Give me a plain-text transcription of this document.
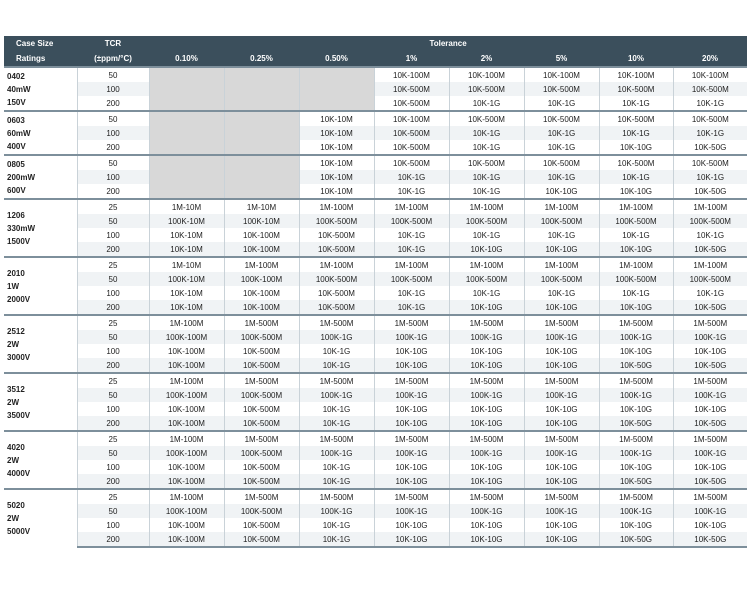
Case Size	TCR	Tolerance							
Ratings	(±ppm/°C)	0.10%	0.25%	0.50%	1%	2%	5%	10%	20%
0402
40mW
150V	50				10K-100M	10K-100M	10K-100M	10K-100M	10K-100M
	100				10K-500M	10K-500M	10K-500M	10K-500M	10K-500M
	200				10K-500M	10K-1G	10K-1G	10K-1G	10K-1G
0603
60mW
400V	50			10K-10M	10K-100M	10K-500M	10K-500M	10K-500M	10K-500M
	100			10K-10M	10K-500M	10K-1G	10K-1G	10K-1G	10K-1G
	200			10K-10M	10K-500M	10K-1G	10K-1G	10K-10G	10K-50G
0805
200mW
600V	50			10K-10M	10K-500M	10K-500M	10K-500M	10K-500M	10K-500M
	100			10K-10M	10K-1G	10K-1G	10K-1G	10K-1G	10K-1G
	200			10K-10M	10K-1G	10K-1G	10K-10G	10K-10G	10K-50G
1206
330mW
1500V	25	1M-10M	1M-10M	1M-100M	1M-100M	1M-100M	1M-100M	1M-100M	1M-100M
	50	100K-10M	100K-10M	100K-500M	100K-500M	100K-500M	100K-500M	100K-500M	100K-500M
	100	10K-10M	10K-100M	10K-500M	10K-1G	10K-1G	10K-1G	10K-1G	10K-1G
	200	10K-10M	10K-100M	10K-500M	10K-1G	10K-10G	10K-10G	10K-10G	10K-50G
2010
1W
2000V	25	1M-10M	1M-100M	1M-100M	1M-100M	1M-100M	1M-100M	1M-100M	1M-100M
	50	100K-10M	100K-100M	100K-500M	100K-500M	100K-500M	100K-500M	100K-500M	100K-500M
	100	10K-10M	10K-100M	10K-500M	10K-1G	10K-1G	10K-1G	10K-1G	10K-1G
	200	10K-10M	10K-100M	10K-500M	10K-1G	10K-10G	10K-10G	10K-10G	10K-50G
2512
2W
3000V	25	1M-100M	1M-500M	1M-500M	1M-500M	1M-500M	1M-500M	1M-500M	1M-500M
	50	100K-100M	100K-500M	100K-1G	100K-1G	100K-1G	100K-1G	100K-1G	100K-1G
	100	10K-100M	10K-500M	10K-1G	10K-10G	10K-10G	10K-10G	10K-10G	10K-10G
	200	10K-100M	10K-500M	10K-1G	10K-10G	10K-10G	10K-10G	10K-50G	10K-50G
3512
2W
3500V	25	1M-100M	1M-500M	1M-500M	1M-500M	1M-500M	1M-500M	1M-500M	1M-500M
	50	100K-100M	100K-500M	100K-1G	100K-1G	100K-1G	100K-1G	100K-1G	100K-1G
	100	10K-100M	10K-500M	10K-1G	10K-10G	10K-10G	10K-10G	10K-10G	10K-10G
	200	10K-100M	10K-500M	10K-1G	10K-10G	10K-10G	10K-10G	10K-50G	10K-50G
4020
2W
4000V	25	1M-100M	1M-500M	1M-500M	1M-500M	1M-500M	1M-500M	1M-500M	1M-500M
	50	100K-100M	100K-500M	100K-1G	100K-1G	100K-1G	100K-1G	100K-1G	100K-1G
	100	10K-100M	10K-500M	10K-1G	10K-10G	10K-10G	10K-10G	10K-10G	10K-10G
	200	10K-100M	10K-500M	10K-1G	10K-10G	10K-10G	10K-10G	10K-50G	10K-50G
5020
2W
5000V	25	1M-100M	1M-500M	1M-500M	1M-500M	1M-500M	1M-500M	1M-500M	1M-500M
	50	100K-100M	100K-500M	100K-1G	100K-1G	100K-1G	100K-1G	100K-1G	100K-1G
	100	10K-100M	10K-500M	10K-1G	10K-10G	10K-10G	10K-10G	10K-10G	10K-10G
	200	10K-100M	10K-500M	10K-1G	10K-10G	10K-10G	10K-10G	10K-50G	10K-50G
